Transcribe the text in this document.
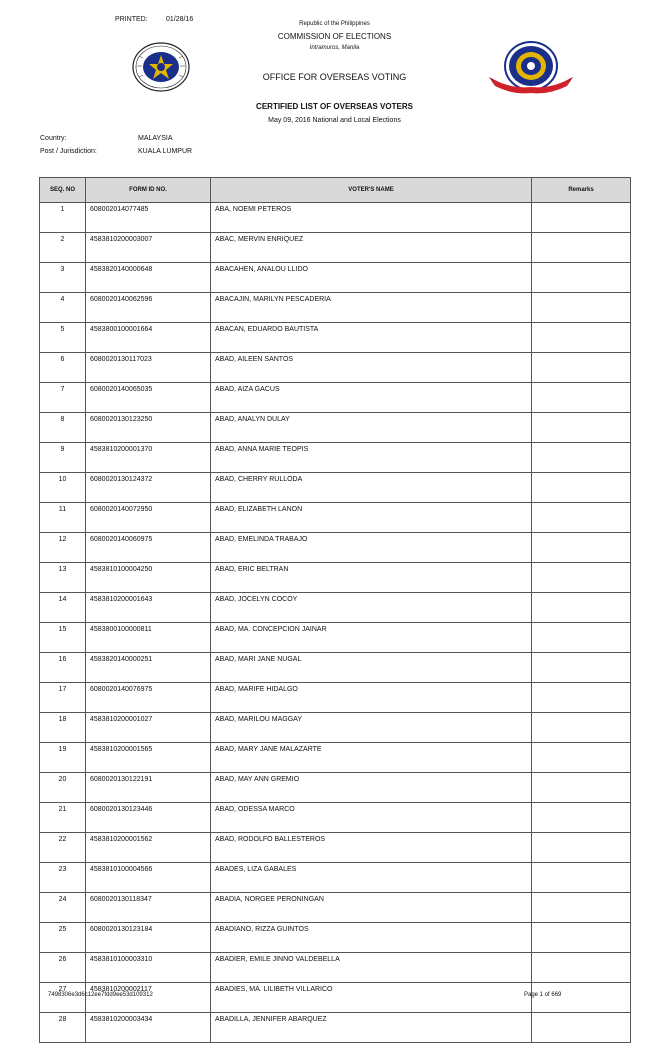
PRINTED:	01/28/16
Republic of the Philippines
COMMISSION OF ELECTIONS
Intramuros, Manila
OFFICE FOR OVERSEAS VOTING
CERTIFIED LIST OF OVERSEAS VOTERS
May 09, 2016 National and Local Elections
Country:	MALAYSIA
Post / Jurisdiction:	KUALA LUMPUR
SEQ. NO	FORM ID NO.	VOTER'S NAME	Remarks
1	608002014077485	ABA, NOEMI PETEROS	
2	4583810200003007	ABAC, MERVIN ENRIQUEZ	
3	4583820140000648	ABACAHEN, ANALOU LLIDO	
4	6080020140062596	ABACAJIN, MARILYN PESCADERIA	
5	4583800100001664	ABACAN, EDUARDO BAUTISTA	
6	6080020130117023	ABAD, AILEEN SANTOS	
7	6080020140065035	ABAD, AIZA GACUS	
8	6080020130123250	ABAD, ANALYN DULAY	
9	4583810200001370	ABAD, ANNA MARIE TEOPIS	
10	6080020130124372	ABAD, CHERRY RULLODA	
11	6080020140072950	ABAD, ELIZABETH LANON	
12	6080020140060975	ABAD, EMELINDA TRABAJO	
13	4583810100004250	ABAD, ERIC BELTRAN	
14	4583810200001643	ABAD, JOCELYN COCOY	
15	4583800100000811	ABAD, MA. CONCEPCION JAINAR	
16	4583820140000251	ABAD, MARI JANE NUGAL	
17	6080020140076975	ABAD, MARIFE HIDALGO	
18	4583810200001027	ABAD, MARILOU MAGGAY	
19	4583810200001565	ABAD, MARY JANE MALAZARTE	
20	6080020130122191	ABAD, MAY ANN GREMIO	
21	6080020130123446	ABAD, ODESSA MARCO	
22	4583810200001562	ABAD, RODOLFO BALLESTEROS	
23	4583810100004566	ABADES, LIZA GABALES	
24	6080020130118347	ABADIA, NORGEE PERONINGAN	
25	6080020130123184	ABADIANO, RIZZA GUINTOS	
26	4583810100003310	ABADIER, EMILE JINNO VALDEBELLA	
27	4583810200002117	ABADIES, MA. LILIBETH VILLARICO	
28	4583810200003434	ABADILLA, JENNIFER ABARQUEZ	
7498306e3d6c12ee7fdd9ee53d109312	Page 1 of 669
